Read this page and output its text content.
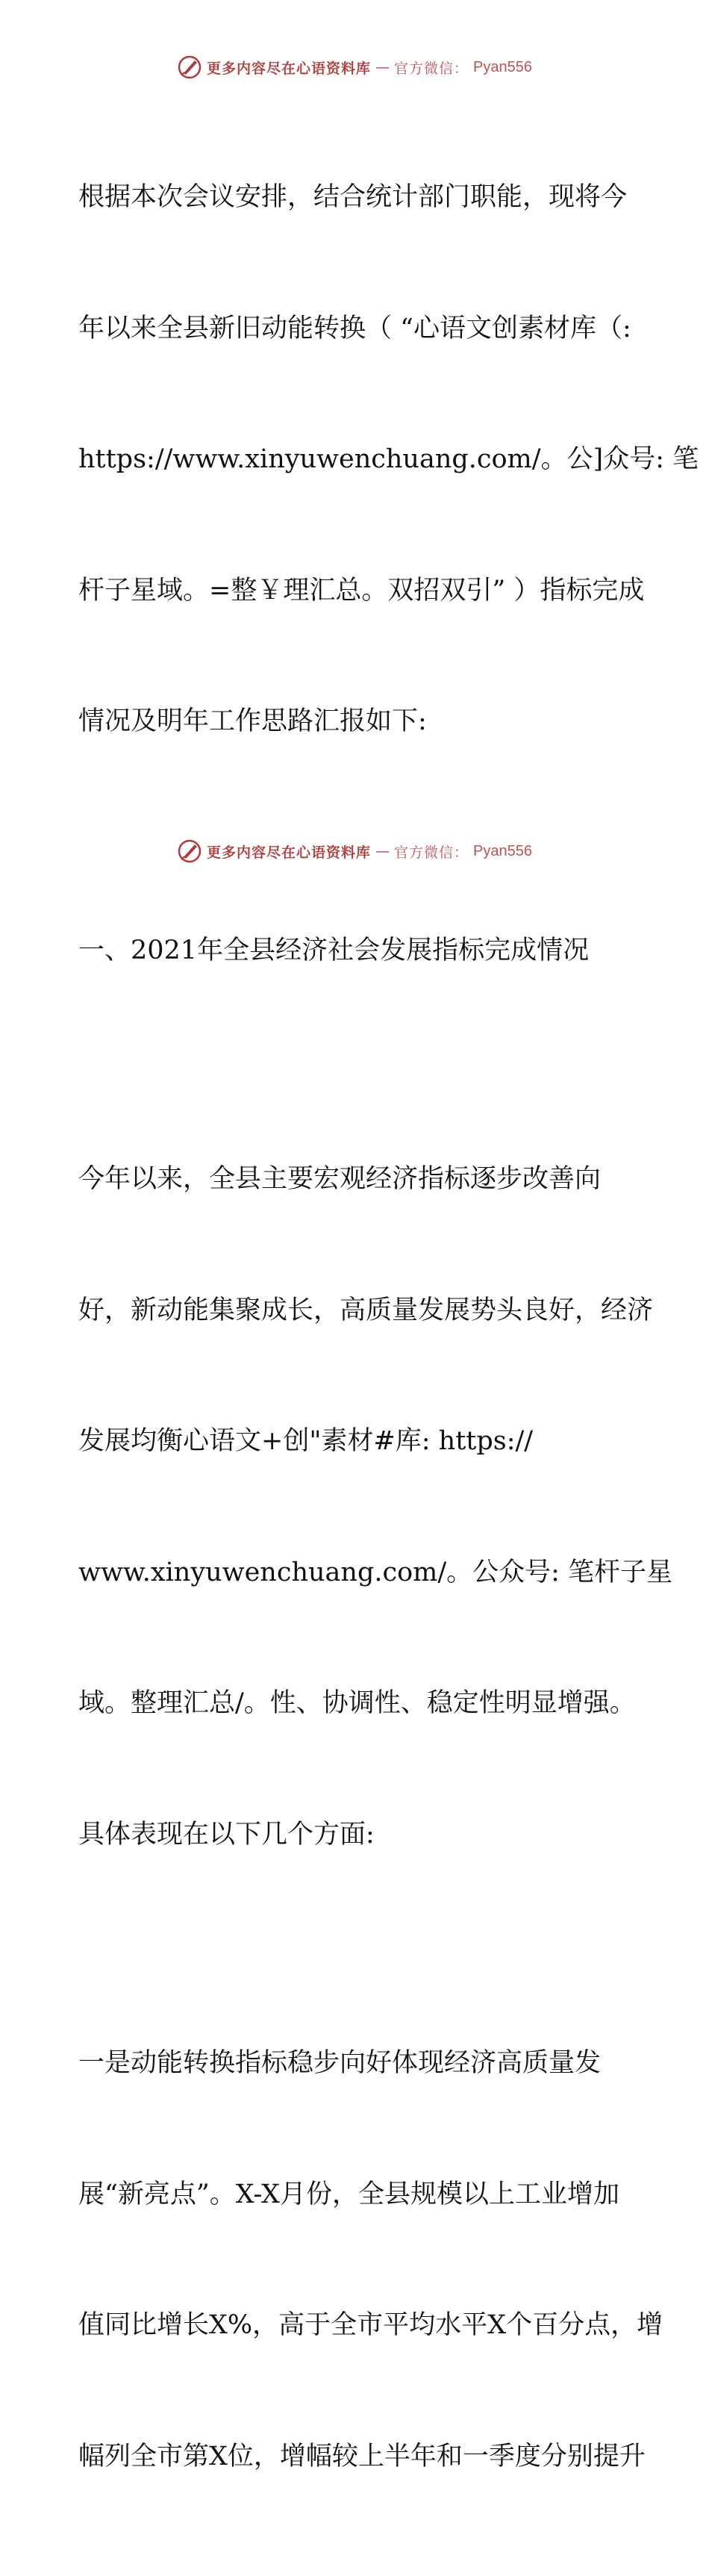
更多内容尽在心语资料库 — 官方微信： Pyan556

根据本次会议安排，结合统计部门职能，现将今

年以来全县新旧动能转换（ “心语文创素材库（:

https://www.xinyuwenchuang.com/。公]众号: 笔

杆子星域。=整￥理汇总。双招双引” ）指标完成

情况及明年工作思路汇报如下:

一、2021年全县经济社会发展指标完成情况

今年以来，全县主要宏观经济指标逐步改善向

好，新动能集聚成长，高质量发展势头良好，经济

发展均衡心语文+创"素材#库: https://

www.xinyuwenchuang.com/。公众号: 笔杆子星

域。整理汇总/。性、协调性、稳定性明显增强。

具体表现在以下几个方面:

一是动能转换指标稳步向好体现经济高质量发

展“新亮点”。X-X月份，全县规模以上工业增加

值同比增长X%，高于全市平均水平X个百分点，增

幅列全市第X位，增幅较上半年和一季度分别提升

更多内容尽在心语资料库 — 官方微信： Pyan556
